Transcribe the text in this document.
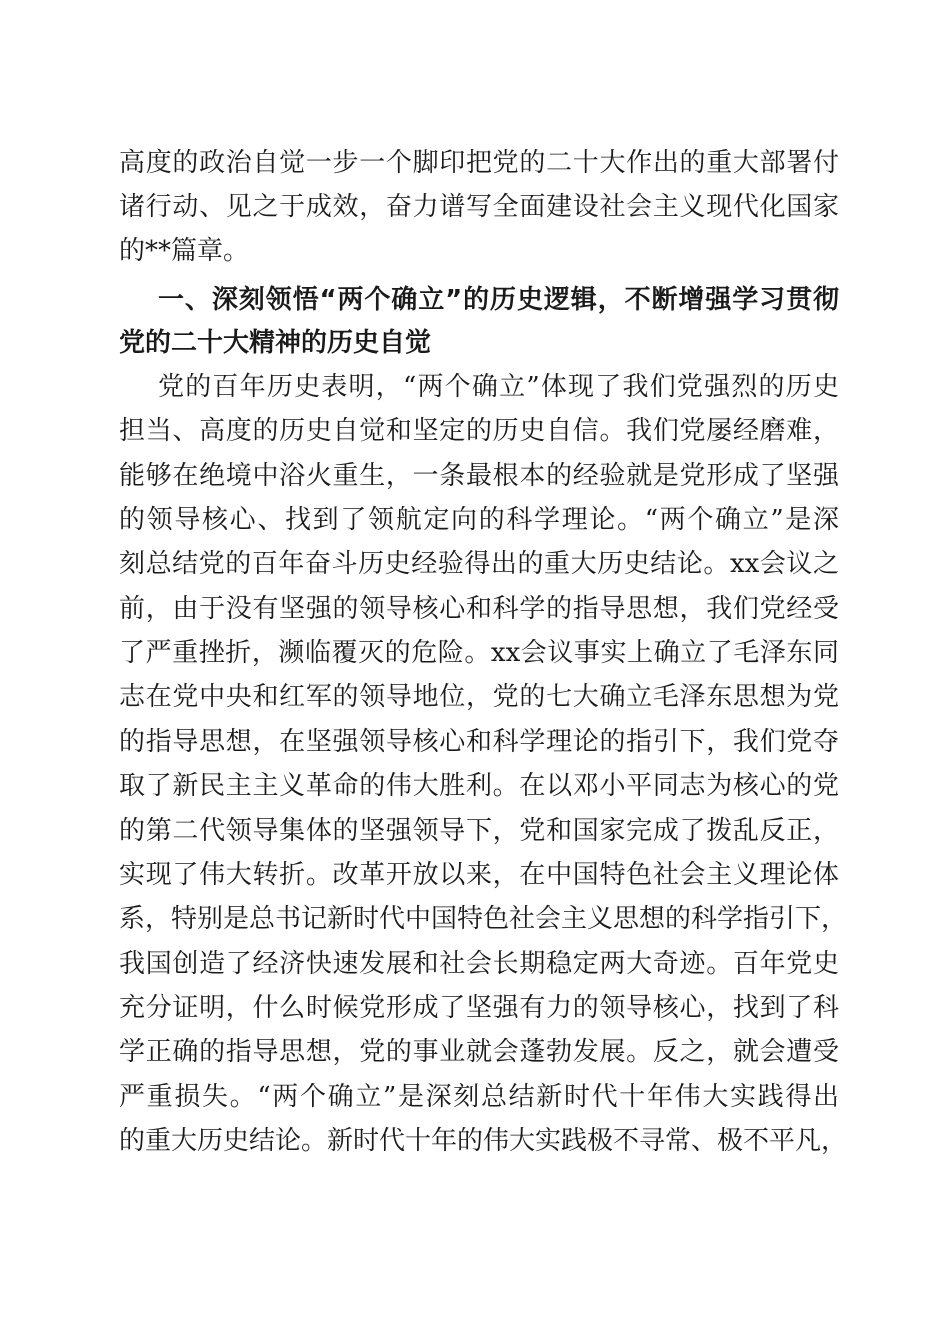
高度的政治自觉一步一个脚印把党的二十大作出的重大部署付
诸行动、见之于成效，奋力谱写全面建设社会主义现代化国家
的**篇章。
一、深刻领悟“两个确立”的历史逻辑，不断增强学习贯彻
党的二十大精神的历史自觉
党的百年历史表明，“两个确立”体现了我们党强烈的历史
担当、高度的历史自觉和坚定的历史自信。我们党屡经磨难，
能够在绝境中浴火重生，一条最根本的经验就是党形成了坚强
的领导核心、找到了领航定向的科学理论。“两个确立”是深
刻总结党的百年奋斗历史经验得出的重大历史结论。xx会议之
前，由于没有坚强的领导核心和科学的指导思想，我们党经受
了严重挫折，濒临覆灭的危险。xx会议事实上确立了毛泽东同
志在党中央和红军的领导地位，党的七大确立毛泽东思想为党
的指导思想，在坚强领导核心和科学理论的指引下，我们党夺
取了新民主主义革命的伟大胜利。在以邓小平同志为核心的党
的第二代领导集体的坚强领导下，党和国家完成了拨乱反正，
实现了伟大转折。改革开放以来，在中国特色社会主义理论体
系，特别是总书记新时代中国特色社会主义思想的科学指引下，
我国创造了经济快速发展和社会长期稳定两大奇迹。百年党史
充分证明，什么时候党形成了坚强有力的领导核心，找到了科
学正确的指导思想，党的事业就会蓬勃发展。反之，就会遭受
严重损失。“两个确立”是深刻总结新时代十年伟大实践得出
的重大历史结论。新时代十年的伟大实践极不寻常、极不平凡，
